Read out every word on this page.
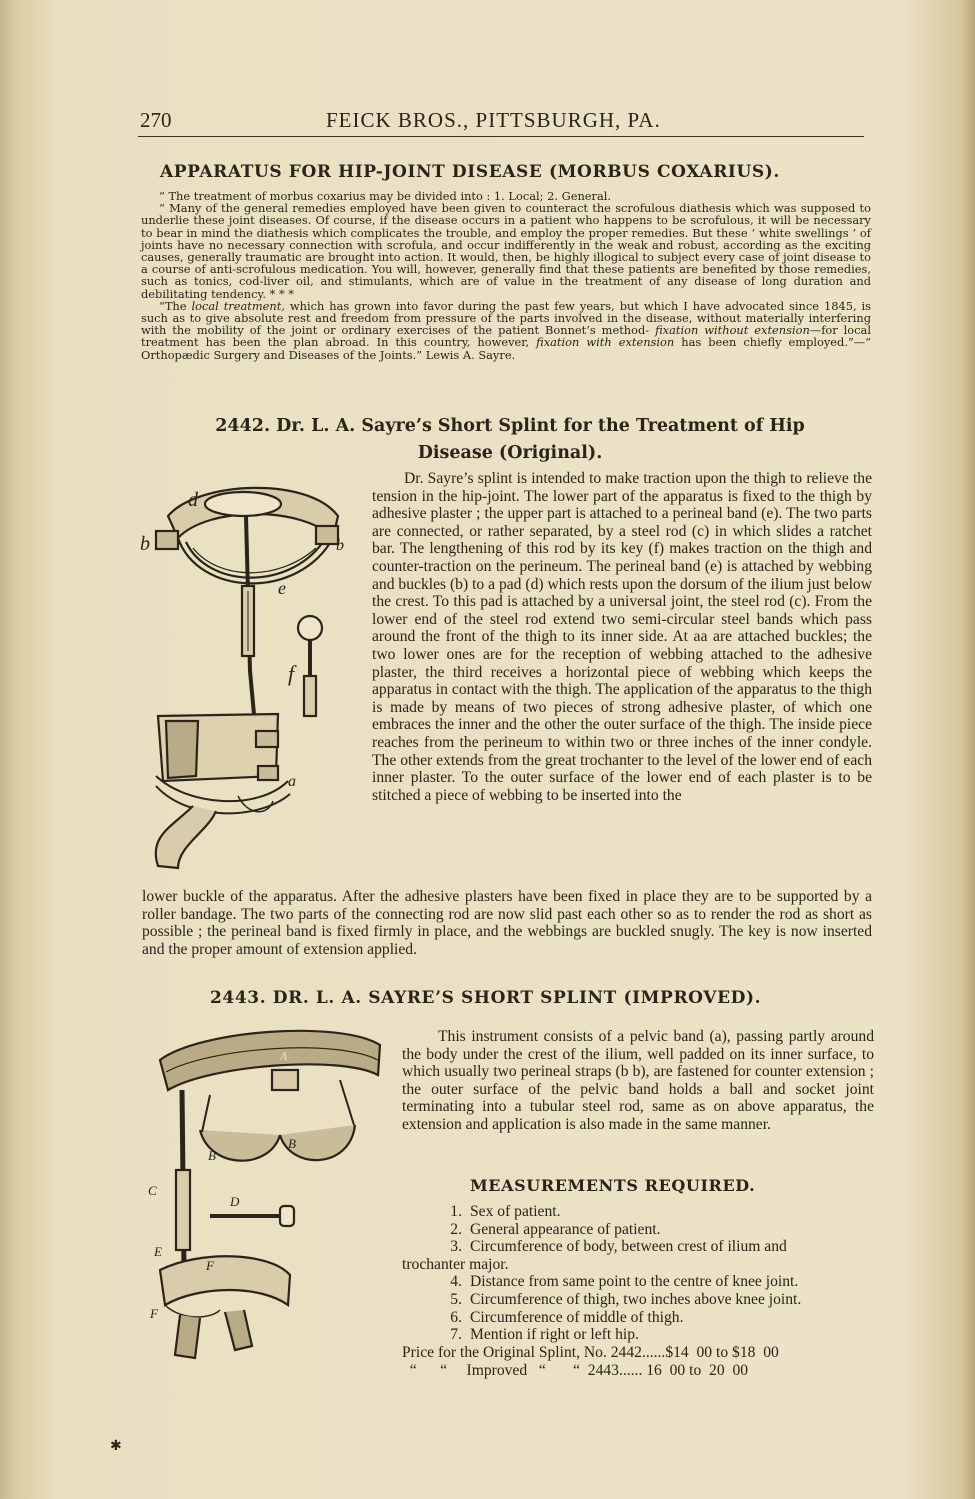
270	FEICK BROS., PITTSBURGH, PA.
APPARATUS FOR HIP-JOINT DISEASE (MORBUS COXARIUS).

“ The treatment of morbus coxarius may be divided into : 1. Local; 2. General.

“ Many of the general remedies employed have been given to counteract the scrofulous diathesis which was supposed to underlie these joint diseases. Of course, if the disease occurs in a patient who happens to be scrofulous, it will be necessary to bear in mind the diathesis which complicates the trouble, and employ the proper remedies. But these ‘ white swellings ’ of joints have no necessary connection with scrofula, and occur indifferently in the weak and robust, according as the exciting causes, generally traumatic are brought into action. It would, then, be highly illogical to subject every case of joint disease to a course of anti-scrofulous medication. You will, however, generally find that these patients are benefited by those remedies, such as tonics, cod-liver oil, and stimulants, which are of value in the treatment of any disease of long duration and debilitating tendency. * * *

“The local treatment, which has grown into favor during the past few years, but which I have advocated since 1845, is such as to give absolute rest and freedom from pressure of the parts involved in the disease, without materially interfering with the mobility of the joint or ordinary exercises of the patient Bonnet’s method- fixation without extension—for local treatment has been the plan abroad. In this country, however, fixation with extension has been chiefly employed.”—“ Orthopædic Surgery and Diseases of the Joints.” Lewis A. Sayre.

2442. Dr. L. A. Sayre’s Short Splint for the Treatment of Hip
Disease (Original).
b	b
d
e
f
a

Dr. Sayre’s splint is intended to make traction upon the thigh to relieve the tension in the hip-joint. The lower part of the apparatus is fixed to the thigh by adhesive plaster ; the upper part is attached to a perineal band (e). The two parts are connected, or rather separated, by a steel rod (c) in which slides a ratchet bar. The lengthening of this rod by its key (f) makes traction on the thigh and counter-traction on the perineum. The perineal band (e) is attached by webbing and buckles (b) to a pad (d) which rests upon the dorsum of the ilium just below the crest. To this pad is attached by a universal joint, the steel rod (c). From the lower end of the steel rod extend two semi-circular steel bands which pass around the front of the thigh to its inner side. At aa are attached buckles; the two lower ones are for the reception of webbing attached to the adhesive plaster, the third receives a horizontal piece of webbing which keeps the apparatus in contact with the thigh. The application of the apparatus to the thigh is made by means of two pieces of strong adhesive plaster, of which one embraces the inner and the other the outer surface of the thigh. The inside piece reaches from the perineum to within two or three inches of the inner condyle. The other extends from the great trochanter to the level of the lower end of each inner plaster. To the outer surface of the lower end of each plaster is to be stitched a piece of webbing to be inserted into the

lower buckle of the apparatus. After the adhesive plasters have been fixed in place they are to be supported by a roller bandage. The two parts of the connecting rod are now slid past each other so as to render the rod as short as possible ; the perineal band is fixed firmly in place, and the webbings are buckled snugly. The key is now inserted and the proper amount of extension applied.

2443. DR. L. A. SAYRE’S SHORT SPLINT (IMPROVED).
A
B
B
C
D
E
F
F

This instrument consists of a pelvic band (a), passing partly around the body under the crest of the ilium, well padded on its inner surface, to which usually two perineal straps (b b), are fastened for counter extension ; the outer surface of the pelvic band holds a ball and socket joint terminating into a tubular steel rod, same as on above apparatus, the extension and application is also made in the same manner.

MEASUREMENTS REQUIRED.
1. Sex of patient.
2. General appearance of patient.
3. Circumference of body, between crest of ilium and
trochanter major.
4. Distance from same point to the centre of knee joint.
5. Circumference of thigh, two inches above knee joint.
6. Circumference of middle of thigh.
7. Mention if right or left hip.
Price for the Original Splint, No. 2442......$14  00 to $18  00
“      “     Improved   “       “  2443...... 16  00 to  20  00
✱
